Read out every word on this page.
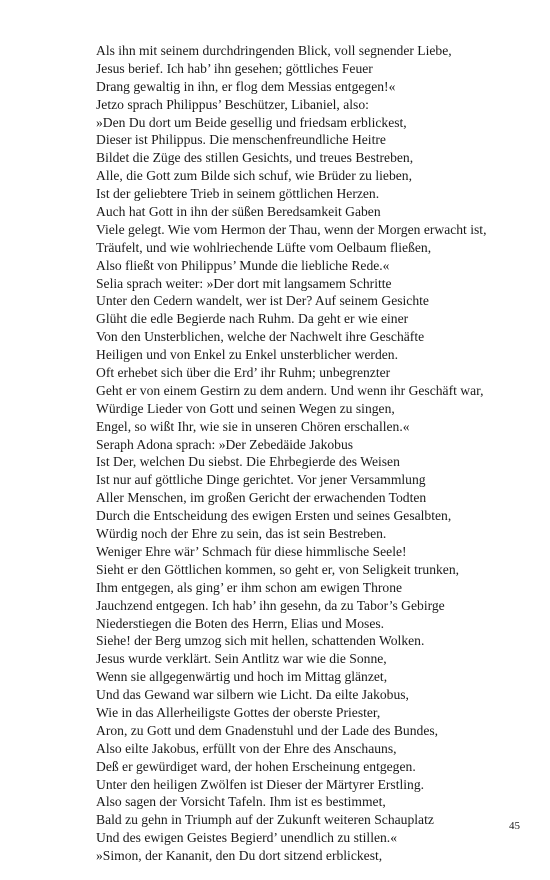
Als ihn mit seinem durchdringenden Blick, voll segnender Liebe,
Jesus berief. Ich hab’ ihn gesehen; göttliches Feuer
Drang gewaltig in ihn, er flog dem Messias entgegen!«
Jetzo sprach Philippus’ Beschützer, Libaniel, also:
»Den Du dort um Beide gesellig und friedsam erblickest,
Dieser ist Philippus. Die menschenfreundliche Heitre
Bildet die Züge des stillen Gesichts, und treues Bestreben,
Alle, die Gott zum Bilde sich schuf, wie Brüder zu lieben,
Ist der geliebtere Trieb in seinem göttlichen Herzen.
Auch hat Gott in ihn der süßen Beredsamkeit Gaben
Viele gelegt. Wie vom Hermon der Thau, wenn der Morgen erwacht ist,
Träufelt, und wie wohlriechende Lüfte vom Oelbaum fließen,
Also fließt von Philippus’ Munde die liebliche Rede.«
Selia sprach weiter: »Der dort mit langsamem Schritte
Unter den Cedern wandelt, wer ist Der? Auf seinem Gesichte
Glüht die edle Begierde nach Ruhm. Da geht er wie einer
Von den Unsterblichen, welche der Nachwelt ihre Geschäfte
Heiligen und von Enkel zu Enkel unsterblicher werden.
Oft erhebet sich über die Erd’ ihr Ruhm; unbegrenzter
Geht er von einem Gestirn zu dem andern. Und wenn ihr Geschäft war,
Würdige Lieder von Gott und seinen Wegen zu singen,
Engel, so wißt Ihr, wie sie in unseren Chören erschallen.«
Seraph Adona sprach: »Der Zebedäide Jakobus
Ist Der, welchen Du siebst. Die Ehrbegierde des Weisen
Ist nur auf göttliche Dinge gerichtet. Vor jener Versammlung
Aller Menschen, im großen Gericht der erwachenden Todten
Durch die Entscheidung des ewigen Ersten und seines Gesalbten,
Würdig noch der Ehre zu sein, das ist sein Bestreben.
Weniger Ehre wär’ Schmach für diese himmlische Seele!
Sieht er den Göttlichen kommen, so geht er, von Seligkeit trunken,
Ihm entgegen, als ging’ er ihm schon am ewigen Throne
Jauchzend entgegen. Ich hab’ ihn gesehn, da zu Tabor’s Gebirge
Niederstiegen die Boten des Herrn, Elias und Moses.
Siehe! der Berg umzog sich mit hellen, schattenden Wolken.
Jesus wurde verklärt. Sein Antlitz war wie die Sonne,
Wenn sie allgegenwärtig und hoch im Mittag glänzet,
Und das Gewand war silbern wie Licht. Da eilte Jakobus,
Wie in das Allerheiligste Gottes der oberste Priester,
Aron, zu Gott und dem Gnadenstuhl und der Lade des Bundes,
Also eilte Jakobus, erfüllt von der Ehre des Anschauns,
Deß er gewürdiget ward, der hohen Erscheinung entgegen.
Unter den heiligen Zwölfen ist Dieser der Märtyrer Erstling.
Also sagen der Vorsicht Tafeln. Ihm ist es bestimmet,
Bald zu gehn in Triumph auf der Zukunft weiteren Schauplatz
Und des ewigen Geistes Begierd’ unendlich zu stillen.«
»Simon, der Kananit, den Du dort sitzend erblickest,
45
